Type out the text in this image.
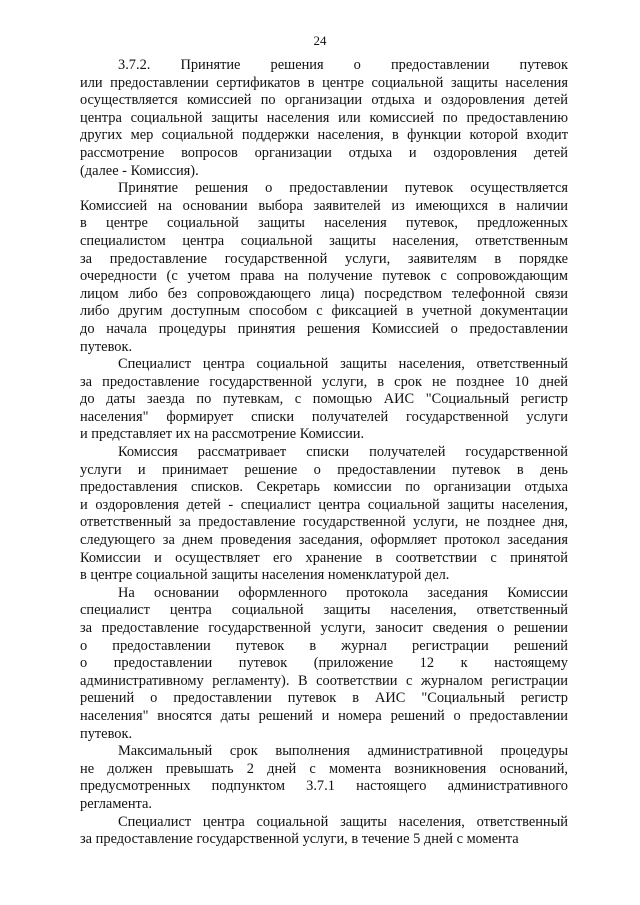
24
3.7.2. Принятие решения о предоставлении путевок
или предоставлении сертификатов в центре социальной защиты населения
осуществляется комиссией по организации отдыха и оздоровления детей
центра социальной защиты населения или комиссией по предоставлению
других мер социальной поддержки населения, в функции которой входит
рассмотрение вопросов организации отдыха и оздоровления детей
(далее - Комиссия).
Принятие решения о предоставлении путевок осуществляется
Комиссией на основании выбора заявителей из имеющихся в наличии
в центре социальной защиты населения путевок, предложенных
специалистом центра социальной защиты населения, ответственным
за предоставление государственной услуги, заявителям в порядке
очередности (с учетом права на получение путевок с сопровождающим
лицом либо без сопровождающего лица) посредством телефонной связи
либо другим доступным способом с фиксацией в учетной документации
до начала процедуры принятия решения Комиссией о предоставлении
путевок.
Специалист центра социальной защиты населения, ответственный
за предоставление государственной услуги, в срок не позднее 10 дней
до даты заезда по путевкам, с помощью АИС "Социальный регистр
населения" формирует списки получателей государственной услуги
и представляет их на рассмотрение Комиссии.
Комиссия рассматривает списки получателей государственной
услуги и принимает решение о предоставлении путевок в день
предоставления списков. Секретарь комиссии по организации отдыха
и оздоровления детей - специалист центра социальной защиты населения,
ответственный за предоставление государственной услуги, не позднее дня,
следующего за днем проведения заседания, оформляет протокол заседания
Комиссии и осуществляет его хранение в соответствии с принятой
в центре социальной защиты населения номенклатурой дел.
На основании оформленного протокола заседания Комиссии
специалист центра социальной защиты населения, ответственный
за предоставление государственной услуги, заносит сведения о решении
о предоставлении путевок в журнал регистрации решений
о предоставлении путевок (приложение 12 к настоящему
административному регламенту). В соответствии с журналом регистрации
решений о предоставлении путевок в АИС "Социальный регистр
населения" вносятся даты решений и номера решений о предоставлении
путевок.
Максимальный срок выполнения административной процедуры
не должен превышать 2 дней с момента возникновения оснований,
предусмотренных подпунктом 3.7.1 настоящего административного
регламента.
Специалист центра социальной защиты населения, ответственный
за предоставление государственной услуги, в течение 5 дней с момента
